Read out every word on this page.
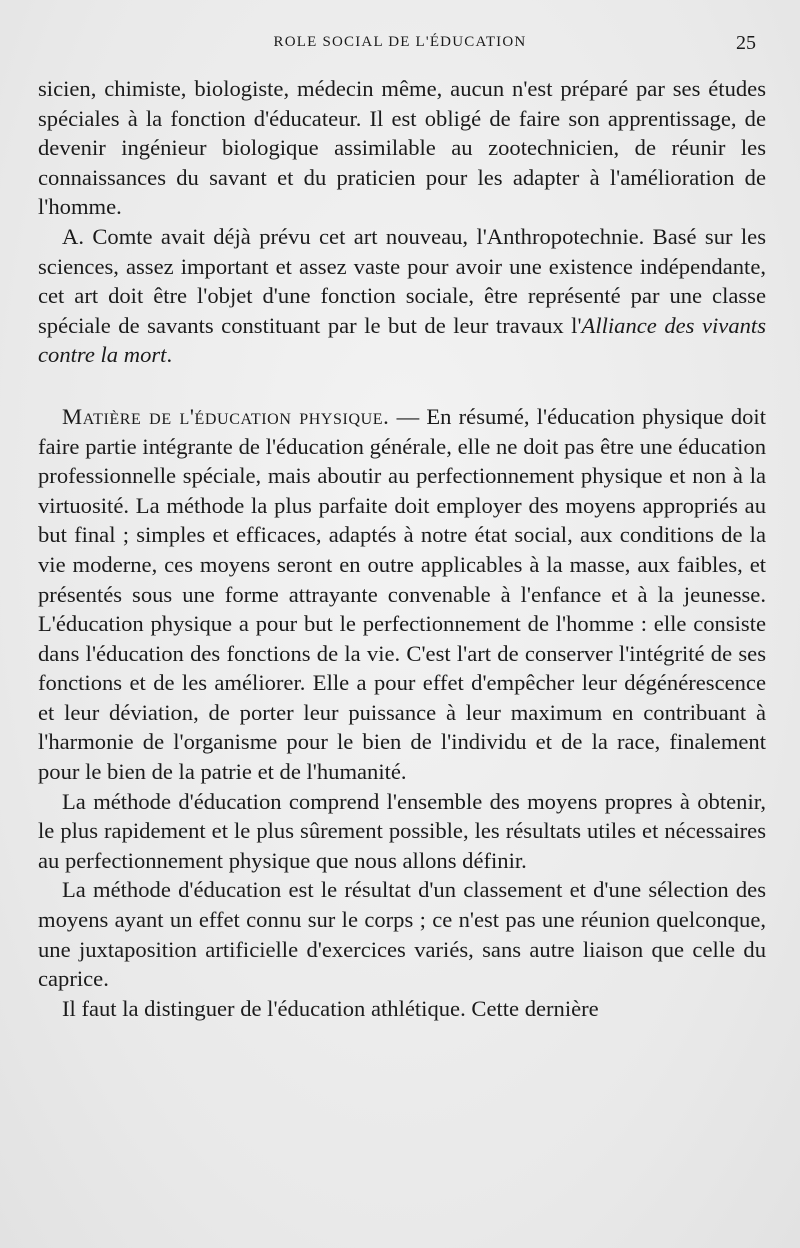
ROLE SOCIAL DE L'ÉDUCATION	25

sicien, chimiste, biologiste, médecin même, aucun n'est préparé par ses études spéciales à la fonction d'éducateur. Il est obligé de faire son apprentissage, de devenir ingénieur biologique assimilable au zootechnicien, de réunir les connaissances du savant et du praticien pour les adapter à l'amélioration de l'homme.

A. Comte avait déjà prévu cet art nouveau, l'Anthropotechnie. Basé sur les sciences, assez important et assez vaste pour avoir une existence indépendante, cet art doit être l'objet d'une fonction sociale, être représenté par une classe spéciale de savants constituant par le but de leur travaux l'Alliance des vivants contre la mort.

Matière de l'éducation physique. — En résumé, l'éducation physique doit faire partie intégrante de l'éducation générale, elle ne doit pas être une éducation professionnelle spéciale, mais aboutir au perfectionnement physique et non à la virtuosité. La méthode la plus parfaite doit employer des moyens appropriés au but final ; simples et efficaces, adaptés à notre état social, aux conditions de la vie moderne, ces moyens seront en outre applicables à la masse, aux faibles, et présentés sous une forme attrayante convenable à l'enfance et à la jeunesse. L'éducation physique a pour but le perfectionnement de l'homme : elle consiste dans l'éducation des fonctions de la vie. C'est l'art de conserver l'intégrité de ses fonctions et de les améliorer. Elle a pour effet d'empêcher leur dégénérescence et leur déviation, de porter leur puissance à leur maximum en contribuant à l'harmonie de l'organisme pour le bien de l'individu et de la race, finalement pour le bien de la patrie et de l'humanité.

La méthode d'éducation comprend l'ensemble des moyens propres à obtenir, le plus rapidement et le plus sûrement possible, les résultats utiles et nécessaires au perfectionnement physique que nous allons définir.

La méthode d'éducation est le résultat d'un classement et d'une sélection des moyens ayant un effet connu sur le corps ; ce n'est pas une réunion quelconque, une juxtaposition artificielle d'exercices variés, sans autre liaison que celle du caprice.

Il faut la distinguer de l'éducation athlétique. Cette dernière
